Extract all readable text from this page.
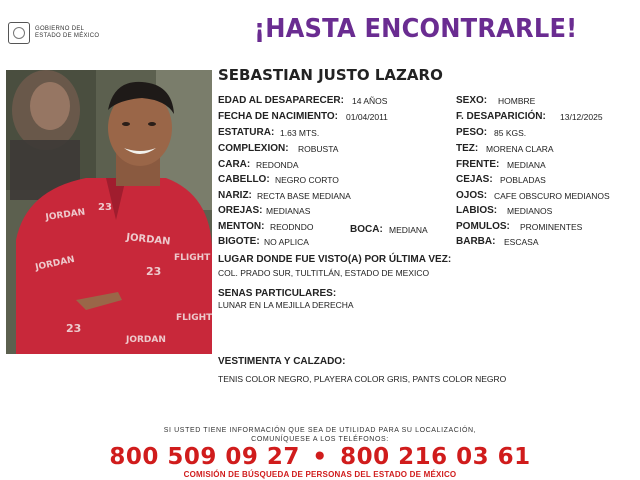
GOBIERNO DEL
ESTADO DE MÉXICO	¡HASTA ENCONTRARLE!
JORDAN
JORDAN
23
FLIGHT
23
JORDAN
FLIGHT
23
JORDAN
SEBASTIAN JUSTO LAZARO
EDAD AL DESAPARECER: 14 AÑOS
FECHA DE NACIMIENTO: 01/04/2011
ESTATURA: 1.63 MTS.
COMPLEXION: ROBUSTA
CARA: REDONDA
CABELLO: NEGRO CORTO
NARIZ: RECTA BASE MEDIANA
OREJAS: MEDIANAS
MENTON: REODNDO	BOCA: MEDIANA
BIGOTE: NO APLICA
SEXO: HOMBRE
F. DESAPARICIÓN: 13/12/2025
PESO: 85 KGS.
TEZ: MORENA CLARA
FRENTE: MEDIANA
CEJAS: POBLADAS
OJOS: CAFE OBSCURO MEDIANOS
LABIOS: MEDIANOS
POMULOS: PROMINENTES
BARBA: ESCASA
LUGAR DONDE FUE VISTO(A) POR ÚLTIMA VEZ:
COL. PRADO SUR, TULTITLÁN, ESTADO DE MEXICO
SENAS PARTICULARES:
LUNAR EN LA MEJILLA DERECHA
VESTIMENTA Y CALZADO:
TENIS COLOR NEGRO, PLAYERA COLOR GRIS, PANTS COLOR NEGRO
SI USTED TIENE INFORMACIÓN QUE SEA DE UTILIDAD PARA SU LOCALIZACIÓN,
COMUNÍQUESE A LOS TELÉFONOS:
800 509 09 27 • 800 216 03 61
COMISIÓN DE BÚSQUEDA DE PERSONAS DEL ESTADO DE MÉXICO
